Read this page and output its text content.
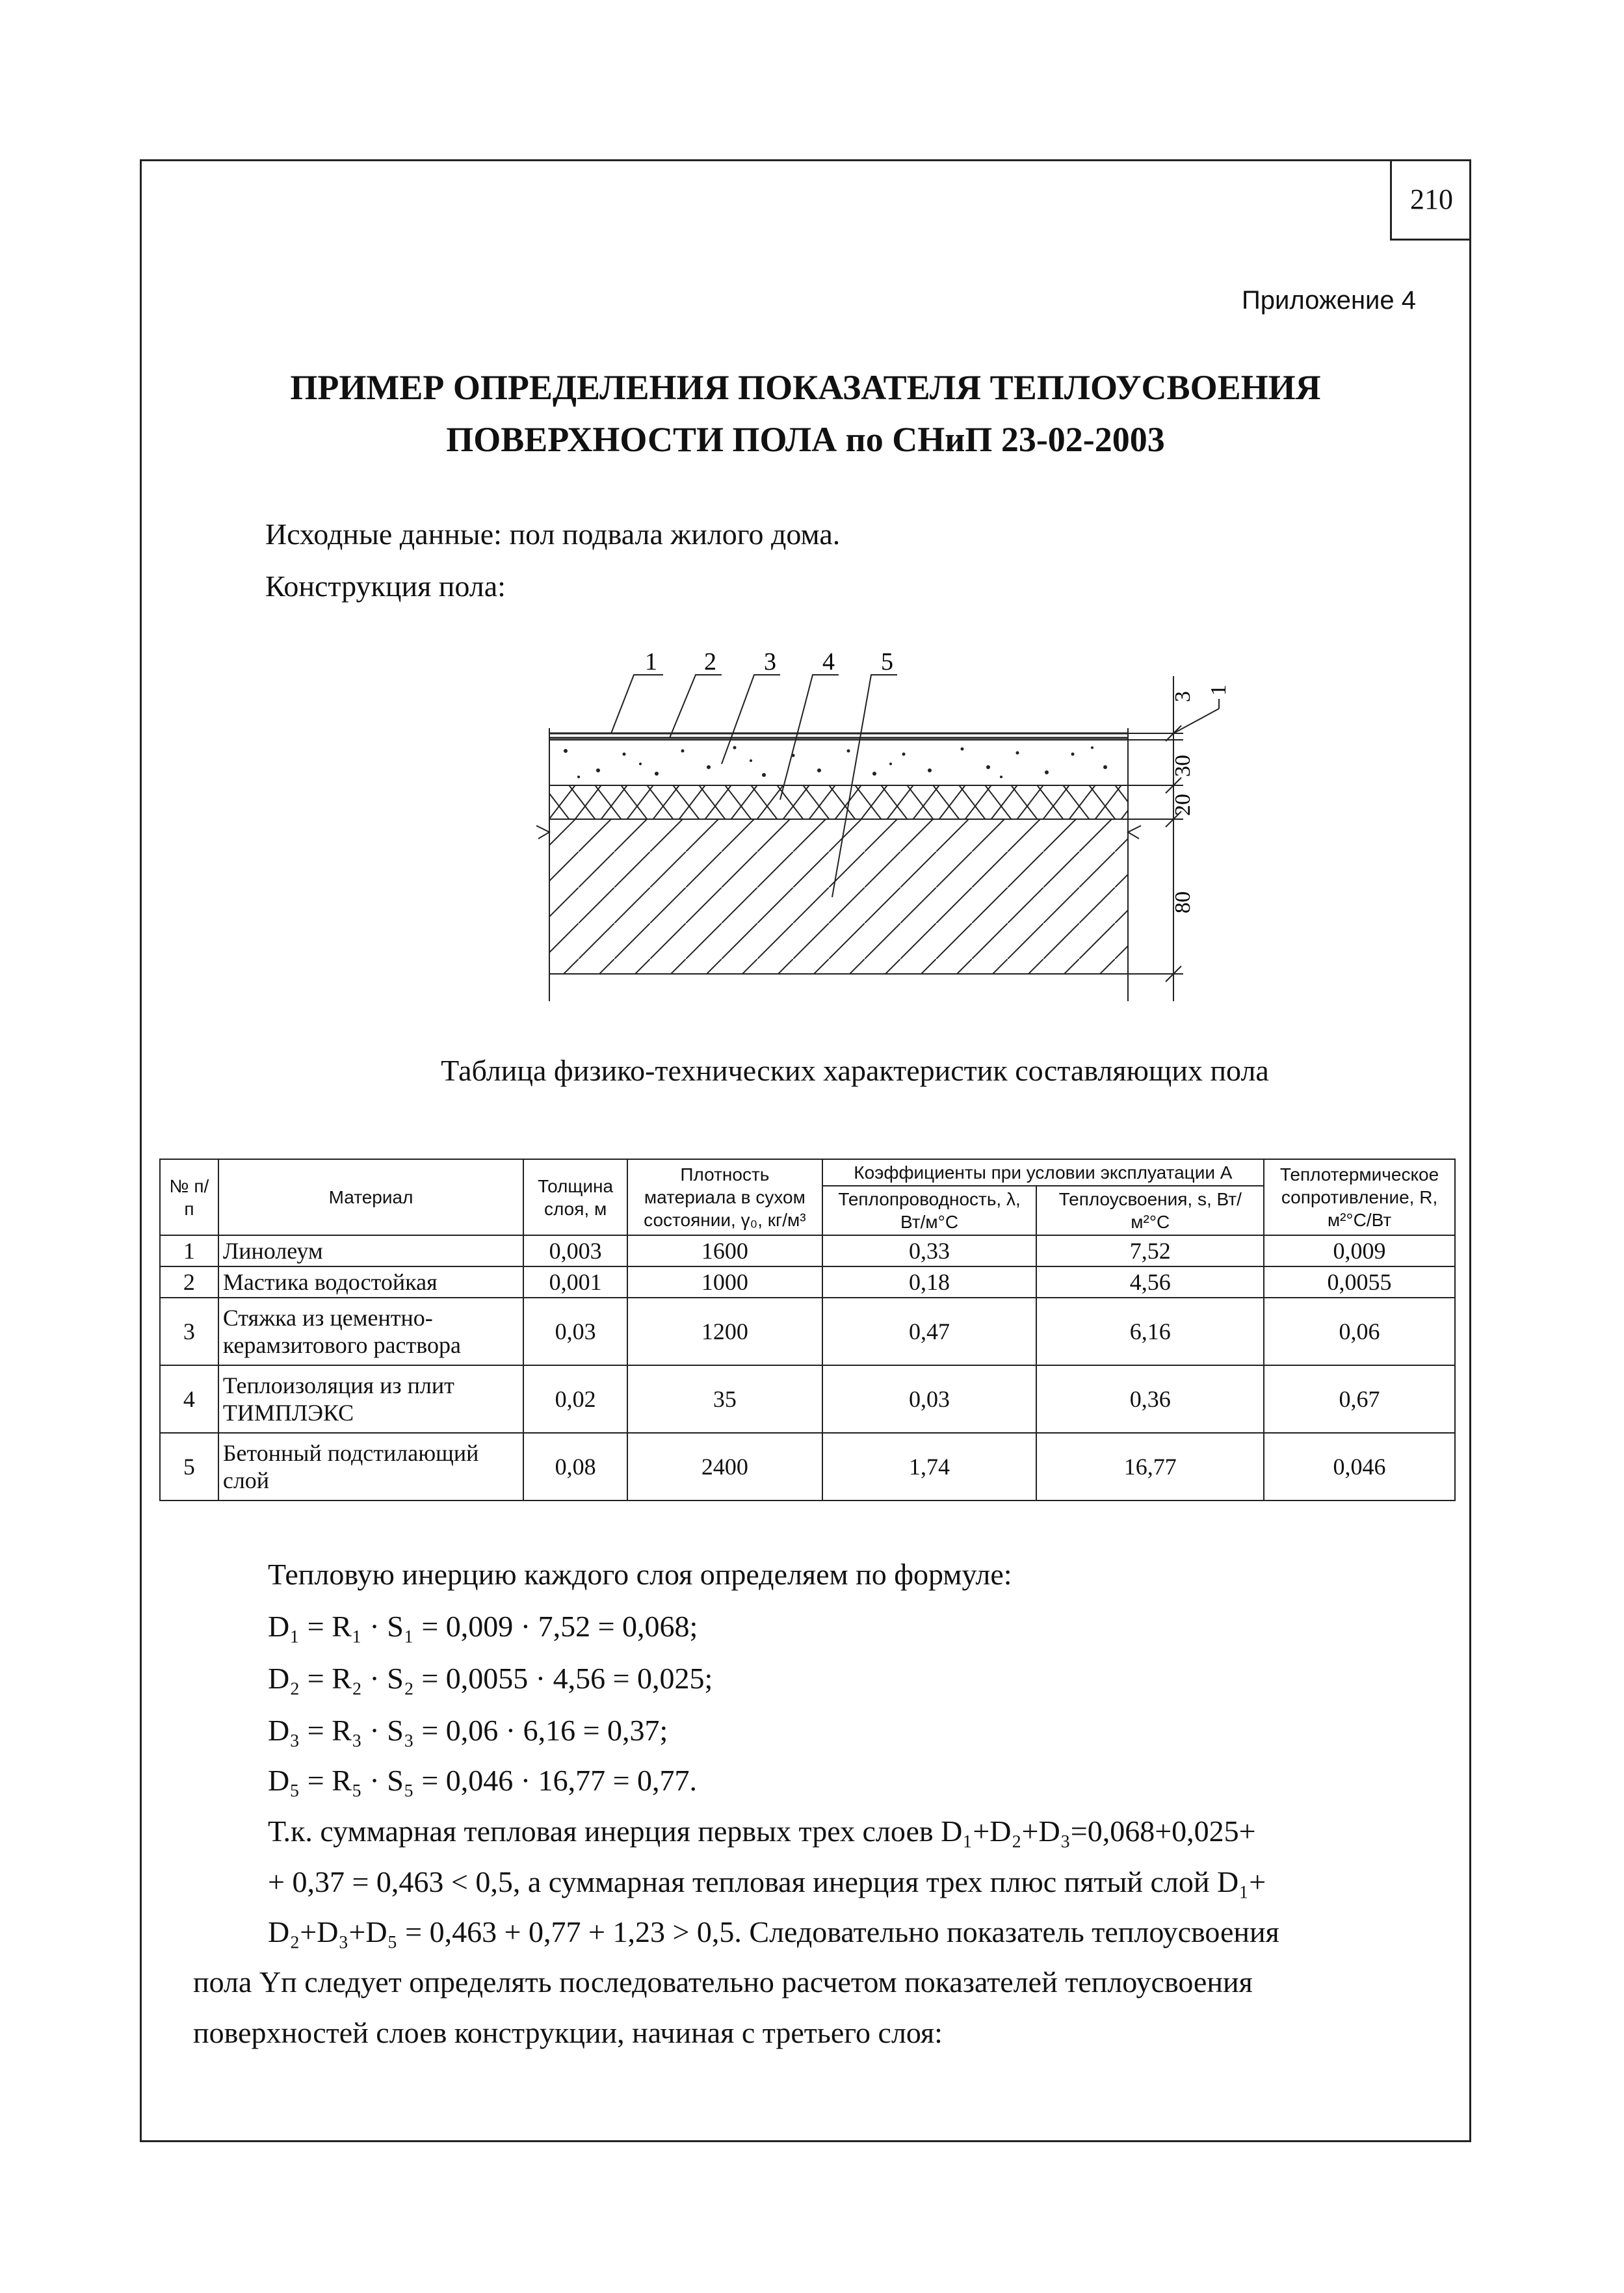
210
Приложение 4
ПРИМЕР ОПРЕДЕЛЕНИЯ ПОКАЗАТЕЛЯ ТЕПЛОУСВОЕНИЯ
ПОВЕРХНОСТИ ПОЛА по СНиП 23-02-2003
Исходные данные: пол подвала жилого дома.
Конструкция пола:
3
1
30
20
80
1 2 3 4 5
Таблица физико-технических характеристик составляющих пола
№ п/п	Материал	Толщина слоя, м	Плотность материала в сухом состоянии, γ₀, кг/м³	Коэффициенты при условии эксплуатации А		Теплотермическое сопротивление, R, м²°С/Вт
				Теплопроводность, λ, Вт/м°С	Теплоусвоения, s, Вт/м²°С	
1	Линолеум	0,003	1600	0,33	7,52	0,009
2	Мастика водостойкая	0,001	1000	0,18	4,56	0,0055
3	Стяжка из цементно-керамзитового раствора	0,03	1200	0,47	6,16	0,06
4	Теплоизоляция из плит ТИМПЛЭКС	0,02	35	0,03	0,36	0,67
5	Бетонный подстилающий слой	0,08	2400	1,74	16,77	0,046
Тепловую инерцию каждого слоя определяем по формуле:
D₁ = R₁ · S₁ = 0,009 · 7,52 = 0,068;
D₂ = R₂ · S₂ = 0,0055 · 4,56 = 0,025;
D₃ = R₃ · S₃ = 0,06 · 6,16 = 0,37;
D₅ = R₅ · S₅ = 0,046 · 16,77 = 0,77.
Т.к. суммарная тепловая инерция первых трех слоев D₁+D₂+D₃=0,068+0,025+
+ 0,37 = 0,463 < 0,5, а суммарная тепловая инерция трех плюс пятый слой D₁+
D₂+D₃+D₅ = 0,463 + 0,77 + 1,23 > 0,5. Следовательно показатель теплоусвоения
пола Yп следует определять последовательно расчетом показателей теплоусвоения
поверхностей слоев конструкции, начиная с третьего слоя:
